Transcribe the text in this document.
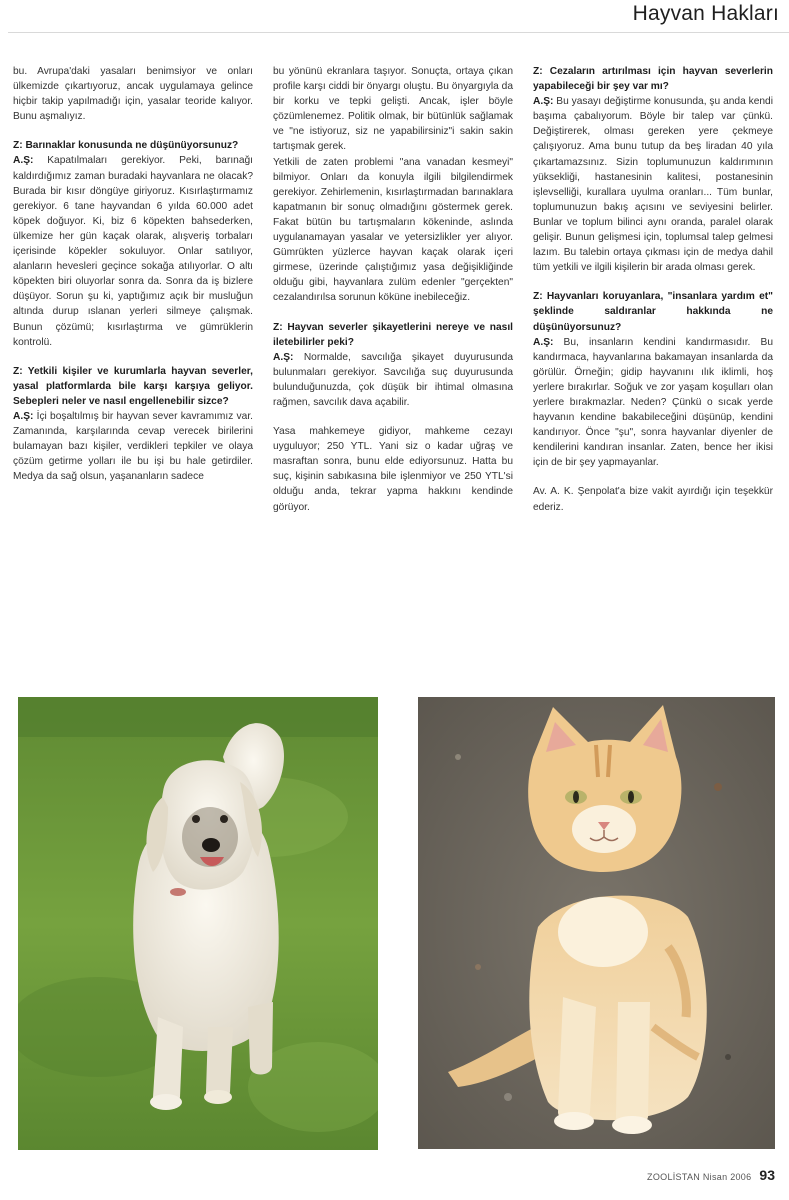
Hayvan Hakları

bu. Avrupa'daki yasaları benimsiyor ve onları ülkemizde çıkartıyoruz, ancak uygulamaya gelince hiçbir takip yapılmadığı için, yasalar teoride kalıyor. Bunu aşmalıyız.

Z: Barınaklar konusunda ne düşünüyorsunuz?

A.Ş: Kapatılmaları gerekiyor. Peki, barınağı kaldırdığımız zaman buradaki hayvanlara ne olacak? Burada bir kısır döngüye giriyoruz. Kısırlaştırmamız gerekiyor. 6 tane hayvandan 6 yılda 60.000 adet köpek doğuyor. Ki, biz 6 köpekten bahsederken, ülkemize her gün kaçak olarak, alışveriş torbaları içerisinde köpekler sokuluyor. Onlar satılıyor, alanların hevesleri geçince sokağa atılıyorlar. O altı köpekten biri oluyorlar sonra da. Sonra da iş bizlere düşüyor. Sorun şu ki, yaptığımız açık bir musluğun altında durup ıslanan yerleri silmeye çalışmak. Bunun çözümü; kısırlaştırma ve gümrüklerin kontrolü.

Z: Yetkili kişiler ve kurumlarla hayvan severler, yasal platformlarda bile karşı karşıya geliyor. Sebepleri neler ve nasıl engellenebilir sizce?

A.Ş: İçi boşaltılmış bir hayvan sever kavramımız var. Zamanında, karşılarında cevap verecek birilerini bulamayan bazı kişiler, verdikleri tepkiler ve olaya çözüm getirme yolları ile bu işi bu hale getirdiler. Medya da sağ olsun, yaşananların sadece

bu yönünü ekranlara taşıyor. Sonuçta, ortaya çıkan profile karşı ciddi bir önyargı oluştu. Bu önyargıyla da bir korku ve tepki gelişti. Ancak, işler böyle çözümlenemez. Politik olmak, bir bütünlük sağlamak ve "ne istiyoruz, siz ne yapabilirsiniz"i sakin sakin tartışmak gerek.

Yetkili de zaten problemi "ana vanadan kesmeyi" bilmiyor. Onları da konuyla ilgili bilgilendirmek gerekiyor. Zehirlemenin, kısırlaştırmadan barınaklara kapatmanın bir sonuç olmadığını göstermek gerek. Fakat bütün bu tartışmaların kökeninde, aslında uygulanamayan yasalar ve yetersizlikler yer alıyor. Gümrükten yüzlerce hayvan kaçak olarak içeri girmese, üzerinde çalıştığımız yasa değişikliğinde olduğu gibi, hayvanlara zulüm edenler "gerçekten" cezalandırılsa sorunun köküne inebileceğiz.

Z: Hayvan severler şikayetlerini nereye ve nasıl iletebilirler peki?

A.Ş: Normalde, savcılığa şikayet duyurusunda bulunmaları gerekiyor. Savcılığa suç duyurusunda bulunduğunuzda, çok düşük bir ihtimal olmasına rağmen, savcılık dava açabilir.

Yasa mahkemeye gidiyor, mahkeme cezayı uyguluyor; 250 YTL. Yani siz o kadar uğraş ve masraftan sonra, bunu elde ediyorsunuz. Hatta bu suç, kişinin sabıkasına bile işlenmiyor ve 250 YTL'si olduğu anda, tekrar yapma hakkını kendinde görüyor.

Z: Cezaların artırılması için hayvan severlerin yapabileceği bir şey var mı?

A.Ş: Bu yasayı değiştirme konusunda, şu anda kendi başıma çabalıyorum. Böyle bir talep var çünkü. Değiştirerek, olması gereken yere çekmeye çalışıyoruz. Ama bunu tutup da beş liradan 40 yıla çıkartamazsınız. Sizin toplumunuzun kaldırımının yüksekliği, hastanesinin kalitesi, postanesinin işlevselliği, kurallara uyulma oranları... Tüm bunlar, toplumunuzun bakış açısını ve seviyesini belirler. Bunlar ve toplum bilinci aynı oranda, paralel olarak gelişir. Bunun gelişmesi için, toplumsal talep gelmesi lazım. Bu talebin ortaya çıkması için de medya dahil tüm yetkili ve ilgili kişilerin bir arada olması gerek.

Z: Hayvanları koruyanlara, "insanlara yardım et" şeklinde saldıranlar hakkında ne düşünüyorsunuz?

A.Ş: Bu, insanların kendini kandırmasıdır. Bu kandırmaca, hayvanlarına bakamayan insanlarda da görülür. Örneğin; gidip hayvanını ılık iklimli, hoş yerlere bırakırlar. Soğuk ve zor yaşam koşulları olan yerlere bırakmazlar. Neden? Çünkü o sıcak yerde hayvanın kendine bakabileceğini düşünüp, kendini kandırıyor. Önce "şu", sonra hayvanlar diyenler de kendilerini kandıran insanlar. Zaten, bence her ikisi için de bir şey yapmayanlar.

Av. A. K. Şenpolat'a bize vakit ayırdığı için teşekkür ederiz.

ZOOLİSTAN Nisan 2006 93
